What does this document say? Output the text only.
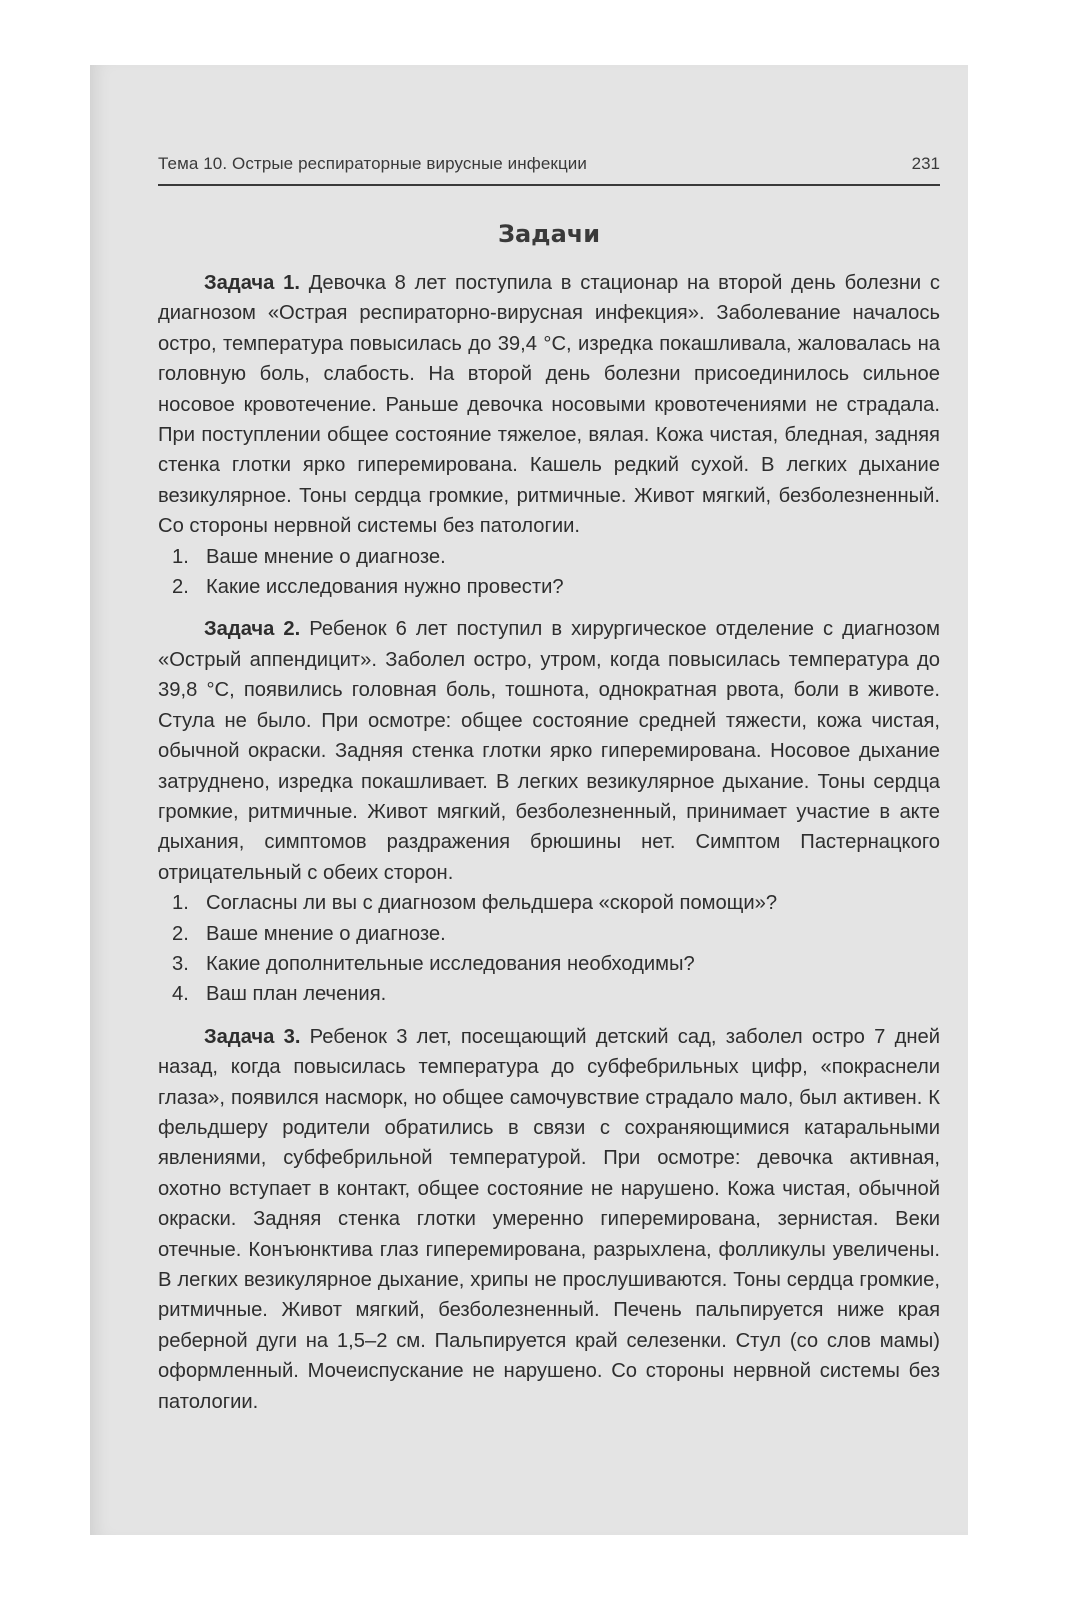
Тема 10. Острые респираторные вирусные инфекции	231
Задачи

Задача 1. Девочка 8 лет поступила в стационар на второй день болезни с диагнозом «Острая респираторно-вирусная инфекция». Заболевание началось остро, температура повысилась до 39,4 °С, изредка покашливала, жаловалась на головную боль, слабость. На второй день болезни присоединилось сильное носовое кровотечение. Раньше девочка носовыми кровотечениями не страдала. При поступлении общее состояние тяжелое, вялая. Кожа чистая, бледная, задняя стенка глотки ярко гиперемирована. Кашель редкий сухой. В легких дыхание везикулярное. Тоны сердца громкие, ритмичные. Живот мягкий, безболезненный. Со стороны нервной системы без патологии.

1. Ваше мнение о диагнозе.
2. Какие исследования нужно провести?

Задача 2. Ребенок 6 лет поступил в хирургическое отделение с диагнозом «Острый аппендицит». Заболел остро, утром, когда повысилась температура до 39,8 °С, появились головная боль, тошнота, однократная рвота, боли в животе. Стула не было. При осмотре: общее состояние средней тяжести, кожа чистая, обычной окраски. Задняя стенка глотки ярко гиперемирована. Носовое дыхание затруднено, изредка покашливает. В легких везикулярное дыхание. Тоны сердца громкие, ритмичные. Живот мягкий, безболезненный, принимает участие в акте дыхания, симптомов раздражения брюшины нет. Симптом Пастернацкого отрицательный с обеих сторон.

1. Согласны ли вы с диагнозом фельдшера «скорой помощи»?
2. Ваше мнение о диагнозе.
3. Какие дополнительные исследования необходимы?
4. Ваш план лечения.

Задача 3. Ребенок 3 лет, посещающий детский сад, заболел остро 7 дней назад, когда повысилась температура до субфебрильных цифр, «покраснели глаза», появился насморк, но общее самочувствие страдало мало, был активен. К фельдшеру родители обратились в связи с сохраняющимися катаральными явлениями, субфебрильной температурой. При осмотре: девочка активная, охотно вступает в контакт, общее состояние не нарушено. Кожа чистая, обычной окраски. Задняя стенка глотки умеренно гиперемирована, зернистая. Веки отечные. Конъюнктива глаз гиперемирована, разрыхлена, фолликулы увеличены. В легких везикулярное дыхание, хрипы не прослушиваются. Тоны сердца громкие, ритмичные. Живот мягкий, безболезненный. Печень пальпируется ниже края реберной дуги на 1,5–2 см. Пальпируется край селезенки. Стул (со слов мамы) оформленный. Мочеиспускание не нарушено. Со стороны нервной системы без патологии.
